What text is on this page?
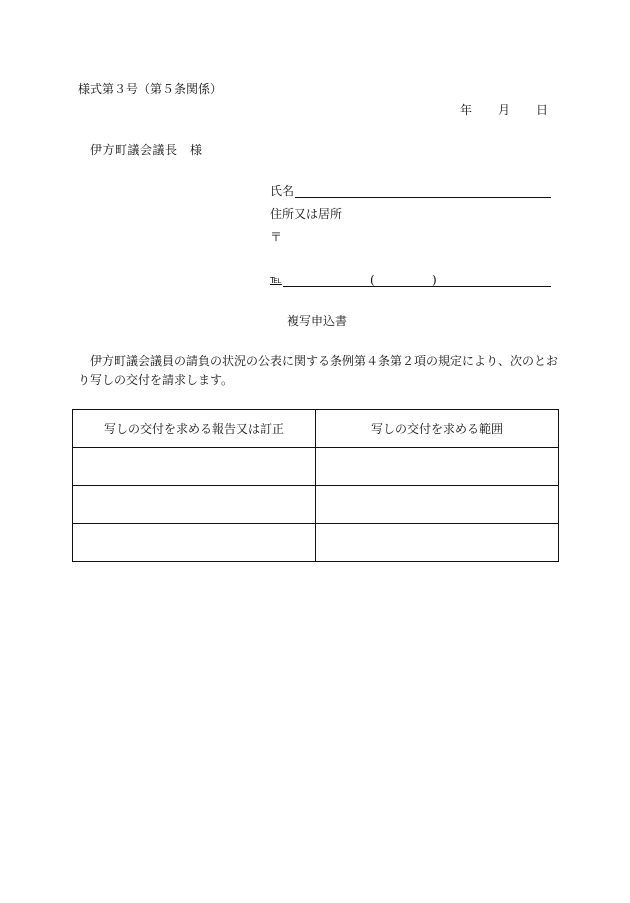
様式第３号（第５条関係）
年 月 日
伊方町議会議長　様
氏名
住所又は居所
〒
℡	(	)
複写申込書
伊方町議会議員の請負の状況の公表に関する条例第４条第２項の規定により、次のとお
り写しの交付を請求します。
写しの交付を求める報告又は訂正	写しの交付を求める範囲
